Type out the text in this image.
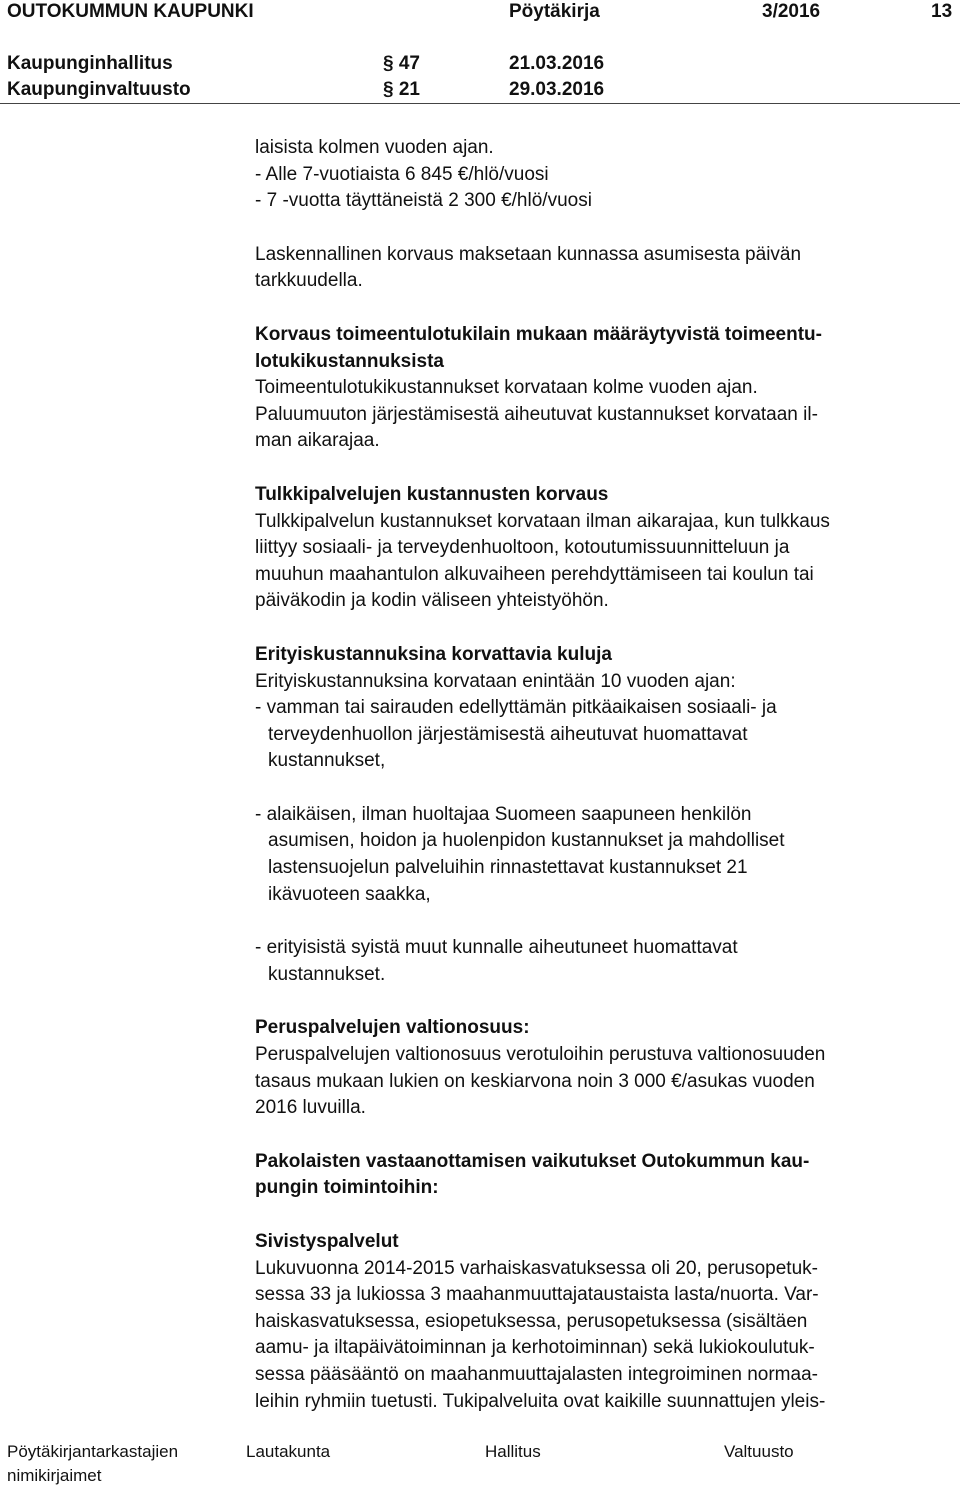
OUTOKUMMUN KAUPUNKI	Pöytäkirja	3/2016	13
Kaupunginhallitus	§ 47	21.03.2016
Kaupunginvaltuusto	§ 21	29.03.2016

laisista kolmen vuoden ajan.

- Alle 7-vuotiaista 6 845 €/hlö/vuosi

- 7 -vuotta täyttäneistä 2 300 €/hlö/vuosi

Laskennallinen korvaus maksetaan kunnassa asumisesta päivän

tarkkuudella.

Korvaus toimeentulotukilain mukaan määräytyvistä toimeentu-

lotukikustannuksista

Toimeentulotukikustannukset korvataan kolme vuoden ajan.

Paluumuuton järjestämisestä aiheutuvat kustannukset korvataan il-

man aikarajaa.

Tulkkipalvelujen kustannusten korvaus

Tulkkipalvelun kustannukset korvataan ilman aikarajaa, kun tulkkaus

liittyy sosiaali- ja terveydenhuoltoon, kotoutumissuunnitteluun ja

muuhun maahantulon alkuvaiheen perehdyttämiseen tai koulun tai

päiväkodin ja kodin väliseen yhteistyöhön.

Erityiskustannuksina korvattavia kuluja

Erityiskustannuksina korvataan enintään 10 vuoden ajan:

- vamman tai sairauden edellyttämän pitkäaikaisen sosiaali- ja

terveydenhuollon järjestämisestä aiheutuvat huomattavat

kustannukset,

- alaikäisen, ilman huoltajaa Suomeen saapuneen henkilön

asumisen, hoidon ja huolenpidon kustannukset ja mahdolliset

lastensuojelun palveluihin rinnastettavat kustannukset 21

ikävuoteen saakka,

- erityisistä syistä muut kunnalle aiheutuneet huomattavat

kustannukset.

Peruspalvelujen valtionosuus:

Peruspalvelujen valtionosuus verotuloihin perustuva valtionosuuden

tasaus mukaan lukien on keskiarvona noin 3 000 €/asukas vuoden

2016 luvuilla.

Pakolaisten vastaanottamisen vaikutukset Outokummun kau-

pungin toimintoihin:

Sivistyspalvelut

Lukuvuonna 2014-2015 varhaiskasvatuksessa oli 20, perusopetuk-

sessa 33 ja lukiossa 3 maahanmuuttajataustaista lasta/nuorta. Var-

haiskasvatuksessa, esiopetuksessa, perusopetuksessa (sisältäen

aamu- ja iltapäivätoiminnan ja kerhotoiminnan) sekä lukiokoulutuk-

sessa pääsääntö on maahanmuuttajalasten integroiminen normaa-

leihin ryhmiin tuetusti. Tukipalveluita ovat kaikille suunnattujen yleis-

Pöytäkirjantarkastajien
nimikirjaimet
Lautakunta	Hallitus	Valtuusto
